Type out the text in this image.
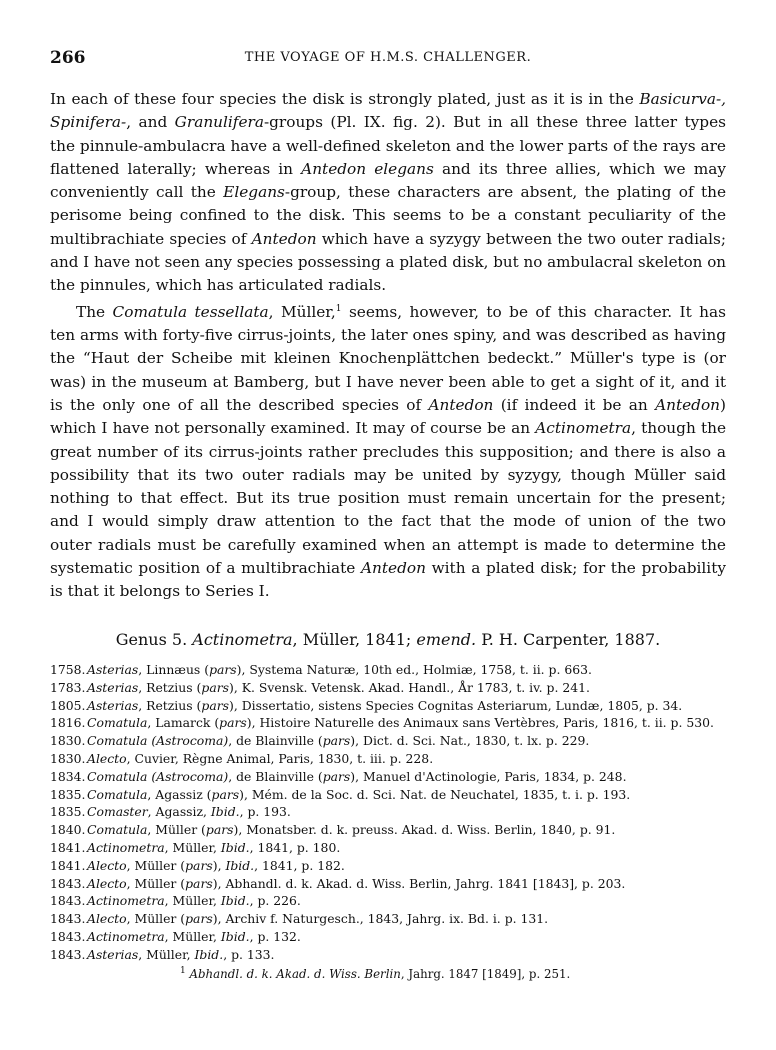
266	THE VOYAGE OF H.M.S. CHALLENGER.
In each of these four species the disk is strongly plated, just as it is in the Basicurva-,
Spinifera-, and Granulifera-groups (Pl. IX. fig. 2). But in all these three latter types
the pinnule-ambulacra have a well-defined skeleton and the lower parts of the rays are
flattened laterally; whereas in Antedon elegans and its three allies, which we may
conveniently call the Elegans-group, these characters are absent, the plating of the
perisome being confined to the disk. This seems to be a constant peculiarity of the
multibrachiate species of Antedon which have a syzygy between the two outer radials;
and I have not seen any species possessing a plated disk, but no ambulacral skeleton on
the pinnules, which has articulated radials.
The Comatula tessellata, Müller,$^1$ seems, however, to be of this character. It has
ten arms with forty-five cirrus-joints, the later ones spiny, and was described as having
the “Haut der Scheibe mit kleinen Knochenplättchen bedeckt.” Müller's type is (or
was) in the museum at Bamberg, but I have never been able to get a sight of it, and it
is the only one of all the described species of Antedon (if indeed it be an Antedon)
which I have not personally examined. It may of course be an Actinometra, though the
great number of its cirrus-joints rather precludes this supposition; and there is also a
possibility that its two outer radials may be united by syzygy, though Müller said
nothing to that effect. But its true position must remain uncertain for the present;
and I would simply draw attention to the fact that the mode of union of the two
outer radials must be carefully examined when an attempt is made to determine the
systematic position of a multibrachiate Antedon with a plated disk; for the probability
is that it belongs to Series I.
Genus 5. Actinometra, Müller, 1841; emend. P. H. Carpenter, 1887.
1758. Asterias, Linnæus (pars), Systema Naturæ, 10th ed., Holmiæ, 1758, t. ii. p. 663.
1783. Asterias, Retzius (pars), K. Svensk. Vetensk. Akad. Handl., År 1783, t. iv. p. 241.
1805. Asterias, Retzius (pars), Dissertatio, sistens Species Cognitas Asteriarum, Lundæ, 1805, p. 34.
1816. Comatula, Lamarck (pars), Histoire Naturelle des Animaux sans Vertèbres, Paris, 1816, t. ii. p. 530.
1830. Comatula (Astrocoma), de Blainville (pars), Dict. d. Sci. Nat., 1830, t. lx. p. 229.
1830. Alecto, Cuvier, Règne Animal, Paris, 1830, t. iii. p. 228.
1834. Comatula (Astrocoma), de Blainville (pars), Manuel d'Actinologie, Paris, 1834, p. 248.
1835. Comatula, Agassiz (pars), Mém. de la Soc. d. Sci. Nat. de Neuchatel, 1835, t. i. p. 193.
1835. Comaster, Agassiz, Ibid., p. 193.
1840. Comatula, Müller (pars), Monatsber. d. k. preuss. Akad. d. Wiss. Berlin, 1840, p. 91.
1841. Actinometra, Müller, Ibid., 1841, p. 180.
1841. Alecto, Müller (pars), Ibid., 1841, p. 182.
1843. Alecto, Müller (pars), Abhandl. d. k. Akad. d. Wiss. Berlin, Jahrg. 1841 [1843], p. 203.
1843. Actinometra, Müller, Ibid., p. 226.
1843. Alecto, Müller (pars), Archiv f. Naturgesch., 1843, Jahrg. ix. Bd. i. p. 131.
1843. Actinometra, Müller, Ibid., p. 132.
1843. Asterias, Müller, Ibid., p. 133.
$^1$ Abhandl. d. k. Akad. d. Wiss. Berlin, Jahrg. 1847 [1849], p. 251.
